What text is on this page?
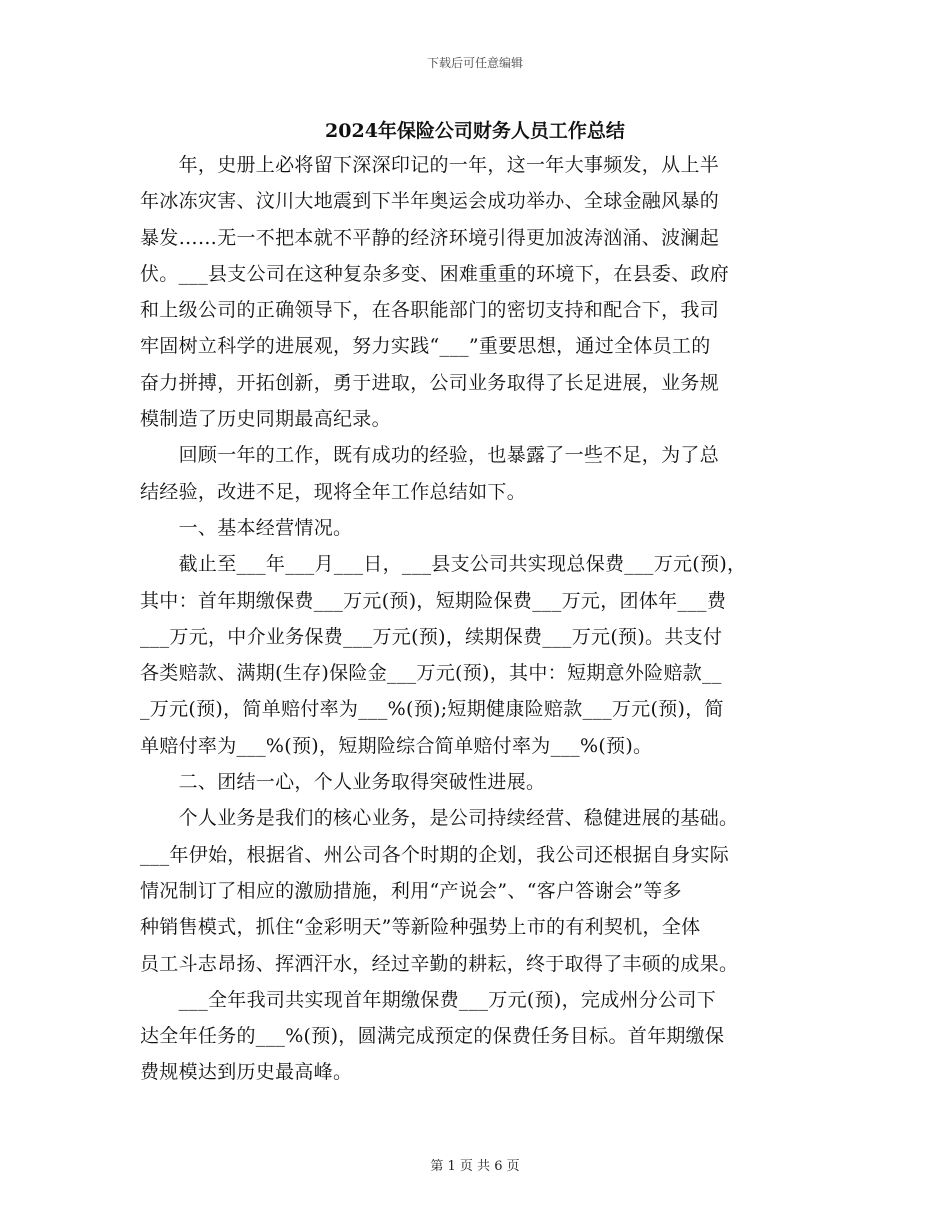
下载后可任意编辑
2024年保险公司财务人员工作总结
　　年，史册上必将留下深深印记的一年，这一年大事频发，从上半
年冰冻灾害、汶川大地震到下半年奥运会成功举办、全球金融风暴的
暴发……无一不把本就不平静的经济环境引得更加波涛汹涌、波澜起
伏。___县支公司在这种复杂多变、困难重重的环境下，在县委、政府
和上级公司的正确领导下，在各职能部门的密切支持和配合下，我司
牢固树立科学的进展观，努力实践“___”重要思想，通过全体员工的
奋力拼搏，开拓创新，勇于进取，公司业务取得了长足进展，业务规
模制造了历史同期最高纪录。
　　回顾一年的工作，既有成功的经验，也暴露了一些不足，为了总
结经验，改进不足，现将全年工作总结如下。
　　一、基本经营情况。
　　截止至___年___月___日，___县支公司共实现总保费___万元(预)，
其中：首年期缴保费___万元(预)，短期险保费___万元，团体年___费
___万元，中介业务保费___万元(预)，续期保费___万元(预)。共支付
各类赔款、满期(生存)保险金___万元(预)，其中：短期意外险赔款__
_万元(预)，简单赔付率为___%(预);短期健康险赔款___万元(预)，简
单赔付率为___%(预)，短期险综合简单赔付率为___%(预)。
　　二、团结一心，个人业务取得突破性进展。
　　个人业务是我们的核心业务，是公司持续经营、稳健进展的基础。
___年伊始，根据省、州公司各个时期的企划，我公司还根据自身实际
情况制订了相应的激励措施，利用“产说会”、“客户答谢会”等多
种销售模式，抓住“金彩明天”等新险种强势上市的有利契机，全体
员工斗志昂扬、挥洒汗水，经过辛勤的耕耘，终于取得了丰硕的成果。
　　___全年我司共实现首年期缴保费___万元(预)，完成州分公司下
达全年任务的___%(预)，圆满完成预定的保费任务目标。首年期缴保
费规模达到历史最高峰。
第 1 页 共 6 页
